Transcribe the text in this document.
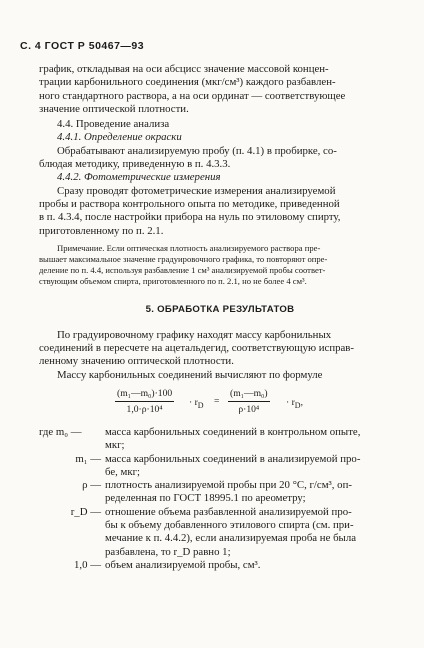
С. 4 ГОСТ Р 50467—93

график, откладывая на оси абсцисс значение массовой концен-
трации карбонильного соединения (мкг/см³) каждого разбавлен-
ного стандартного раствора, а на оси ординат — соответствующее
значение оптической плотности.

4.4. Проведение анализа

4.4.1. Определение окраски

Обрабатывают анализируемую пробу (п. 4.1) в пробирке, со-
блюдая методику, приведенную в п. 4.3.3.

4.4.2. Фотометрические измерения

Сразу проводят фотометрические измерения анализируемой
пробы и раствора контрольного опыта по методике, приведенной
в п. 4.3.4, после настройки прибора на нуль по этиловому спирту,
приготовленному по п. 2.1.

Примечание. Если оптическая плотность анализируемого раствора пре-
вышает максимальное значение градуировочного графика, то повторяют опре-
деление по п. 4.4, используя разбавление 1 см³ анализируемой пробы соответ-
ствующим объемом спирта, приготовленного по п. 2.1, но не более 4 см³.

5. ОБРАБОТКА РЕЗУЛЬТАТОВ

По градуировочному графику находят массу карбонильных
соединений в пересчете на ацетальдегид, соответствующую исправ-
ленному значению оптической плотности.

Массу карбонильных соединений вычисляют по формуле

$\frac{\text{(m₁—m₀)·100}}{\text{1,0·ρ·10⁴}} \cdot r_D = \frac{\text{(m₁—m₀)}}{\text{ρ·10⁴}} \cdot r_D$,
где m₀ —	масса карбонильных соединений в контрольном опыте,
мкг;
m₁ — масса карбонильных соединений в анализируемой про-
бе, мкг;
ρ — плотность анализируемой пробы при 20 °С, г/см³, оп-
ределенная по ГОСТ 18995.1 по ареометру;
r_D — отношение объема разбавленной анализируемой про-
бы к объему добавленного этилового спирта (см. при-
мечание к п. 4.4.2), если анализируемая проба не была
разбавлена, то r_D равно 1;
1,0 — объем анализируемой пробы, см³.
